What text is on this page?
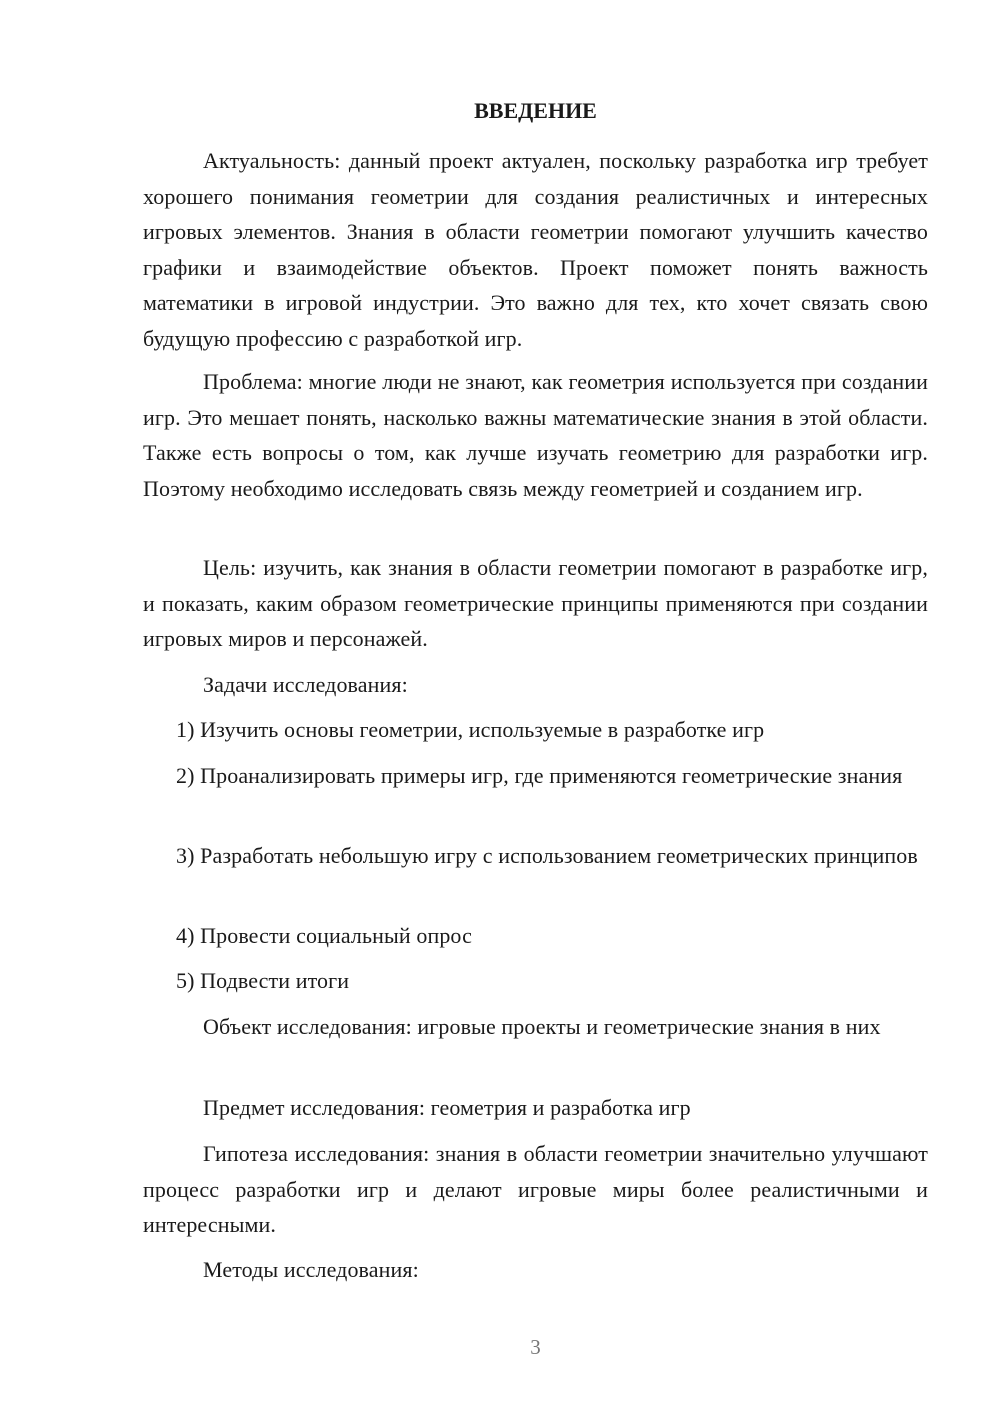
ВВЕДЕНИЕ

Актуальность: данный проект актуален, поскольку разработка игр требует хорошего понимания геометрии для создания реалистичных и интересных игровых элементов. Знания в области геометрии помогают улучшить качество графики и взаимодействие объектов. Проект поможет понять важность математики в игровой индустрии. Это важно для тех, кто хочет связать свою будущую профессию с разработкой игр.

Проблема: многие люди не знают, как геометрия используется при создании игр. Это мешает понять, насколько важны математические знания в этой области. Также есть вопросы о том, как лучше изучать геометрию для разработки игр. Поэтому необходимо исследовать связь между геометрией и созданием игр.

Цель: изучить, как знания в области геометрии помогают в разработке игр, и показать, каким образом геометрические принципы применяются при создании игровых миров и персонажей.

Задачи исследования:

1) Изучить основы геометрии, используемые в разработке игр

2) Проанализировать примеры игр, где применяются геометрические знания

3) Разработать небольшую игру с использованием геометрических принципов

4) Провести социальный опрос

5) Подвести итоги

Объект исследования: игровые проекты и геометрические знания в них

Предмет исследования: геометрия и разработка игр

Гипотеза исследования: знания в области геометрии значительно улучшают процесс разработки игр и делают игровые миры более реалистичными и интересными.

Методы исследования:

3
